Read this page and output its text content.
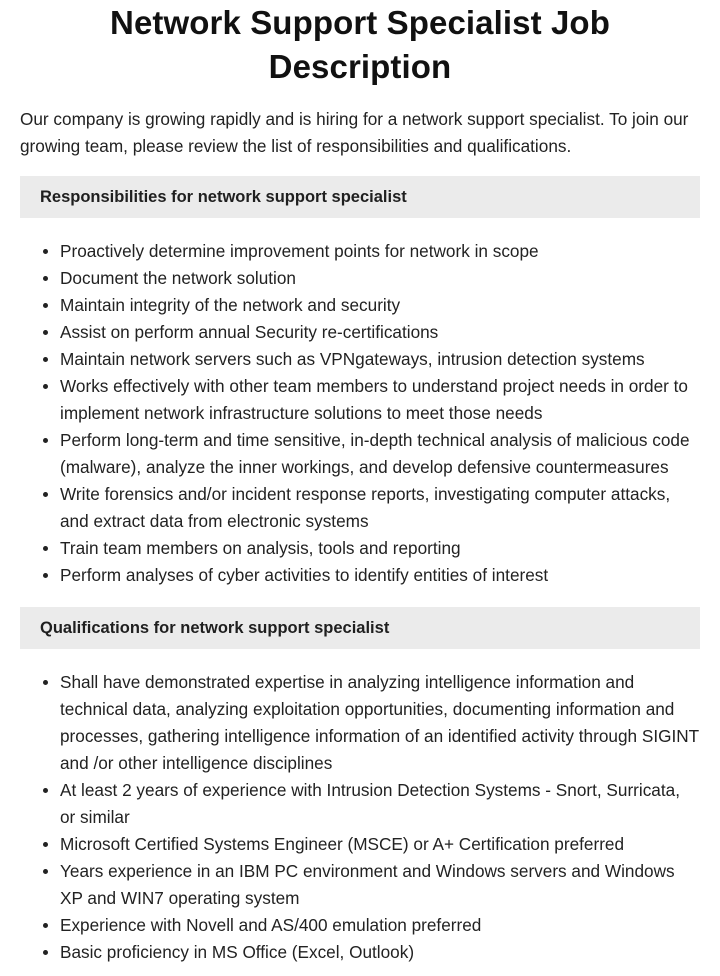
Network Support Specialist Job Description

Our company is growing rapidly and is hiring for a network support specialist. To join our growing team, please review the list of responsibilities and qualifications.

Responsibilities for network support specialist
Proactively determine improvement points for network in scope
Document the network solution
Maintain integrity of the network and security
Assist on perform annual Security re-certifications
Maintain network servers such as VPNgateways, intrusion detection systems
Works effectively with other team members to understand project needs in order to implement network infrastructure solutions to meet those needs
Perform long-term and time sensitive, in-depth technical analysis of malicious code (malware), analyze the inner workings, and develop defensive countermeasures
Write forensics and/or incident response reports, investigating computer attacks, and extract data from electronic systems
Train team members on analysis, tools and reporting
Perform analyses of cyber activities to identify entities of interest
Qualifications for network support specialist
Shall have demonstrated expertise in analyzing intelligence information and technical data, analyzing exploitation opportunities, documenting information and processes, gathering intelligence information of an identified activity through SIGINT and /or other intelligence disciplines
At least 2 years of experience with Intrusion Detection Systems - Snort, Surricata, or similar
Microsoft Certified Systems Engineer (MSCE) or A+ Certification preferred
Years experience in an IBM PC environment and Windows servers and Windows XP and WIN7 operating system
Experience with Novell and AS/400 emulation preferred
Basic proficiency in MS Office (Excel, Outlook)
